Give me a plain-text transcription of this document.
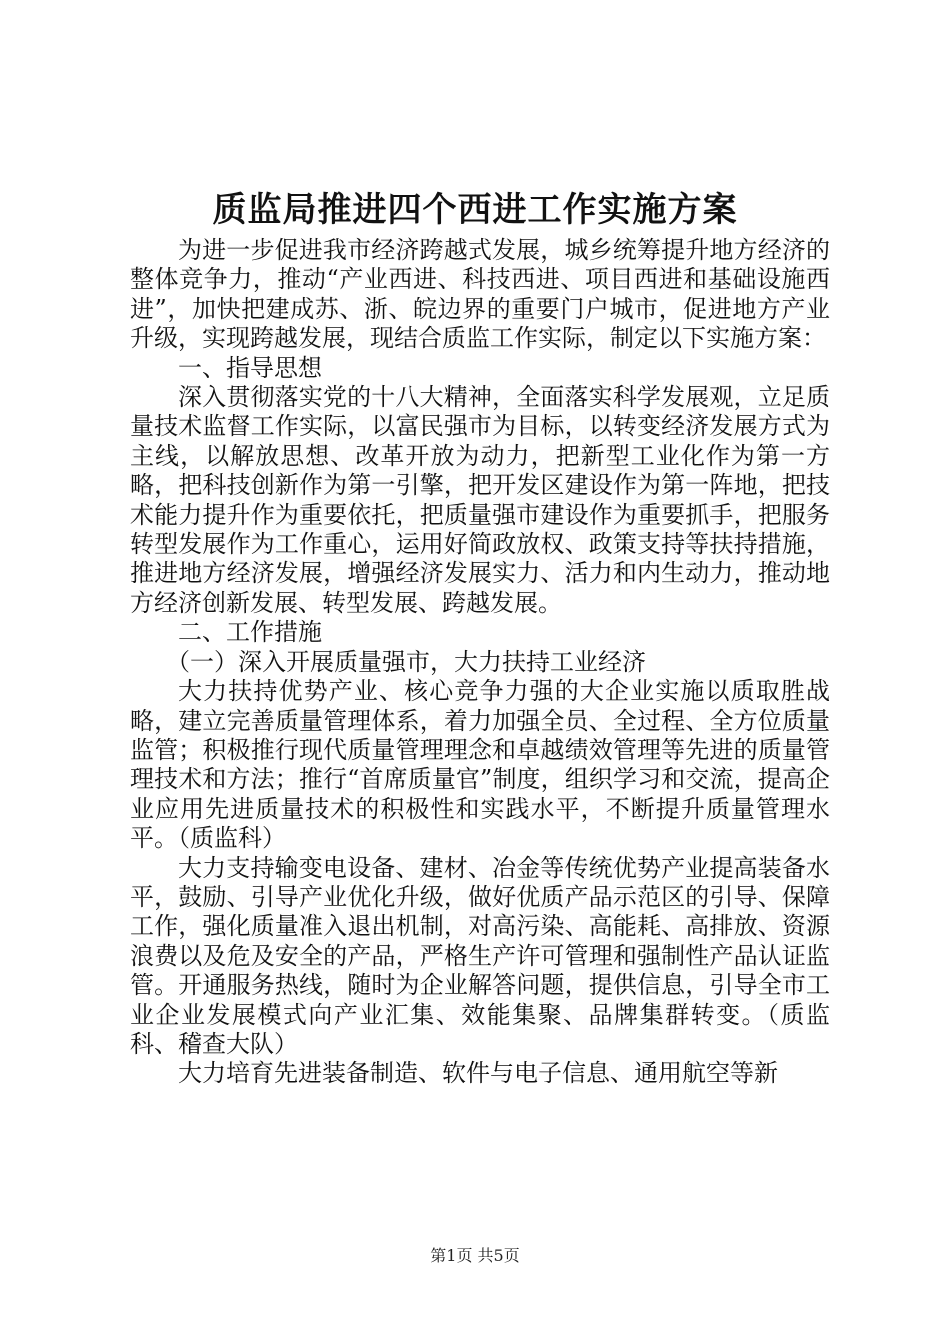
质监局推进四个西进工作实施方案

为进一步促进我市经济跨越式发展，城乡统筹提升地方经济的整体竞争力，推动“产业西进、科技西进、项目西进和基础设施西进”，加快把建成苏、浙、皖边界的重要门户城市，促进地方产业升级，实现跨越发展，现结合质监工作实际，制定以下实施方案：

一、指导思想

深入贯彻落实党的十八大精神，全面落实科学发展观，立足质量技术监督工作实际，以富民强市为目标，以转变经济发展方式为主线，以解放思想、改革开放为动力，把新型工业化作为第一方略，把科技创新作为第一引擎，把开发区建设作为第一阵地，把技术能力提升作为重要依托，把质量强市建设作为重要抓手，把服务转型发展作为工作重心，运用好简政放权、政策支持等扶持措施，推进地方经济发展，增强经济发展实力、活力和内生动力，推动地方经济创新发展、转型发展、跨越发展。

二、工作措施

（一）深入开展质量强市，大力扶持工业经济

大力扶持优势产业、核心竞争力强的大企业实施以质取胜战略，建立完善质量管理体系，着力加强全员、全过程、全方位质量监管；积极推行现代质量管理理念和卓越绩效管理等先进的质量管理技术和方法；推行“首席质量官”制度，组织学习和交流，提高企业应用先进质量技术的积极性和实践水平，不断提升质量管理水平。（质监科）

大力支持输变电设备、建材、冶金等传统优势产业提高装备水平，鼓励、引导产业优化升级，做好优质产品示范区的引导、保障工作，强化质量准入退出机制，对高污染、高能耗、高排放、资源浪费以及危及安全的产品，严格生产许可管理和强制性产品认证监管。开通服务热线，随时为企业解答问题，提供信息，引导全市工业企业发展模式向产业汇集、效能集聚、品牌集群转变。（质监科、稽查大队）

大力培育先进装备制造、软件与电子信息、通用航空等新

第1页 共5页
